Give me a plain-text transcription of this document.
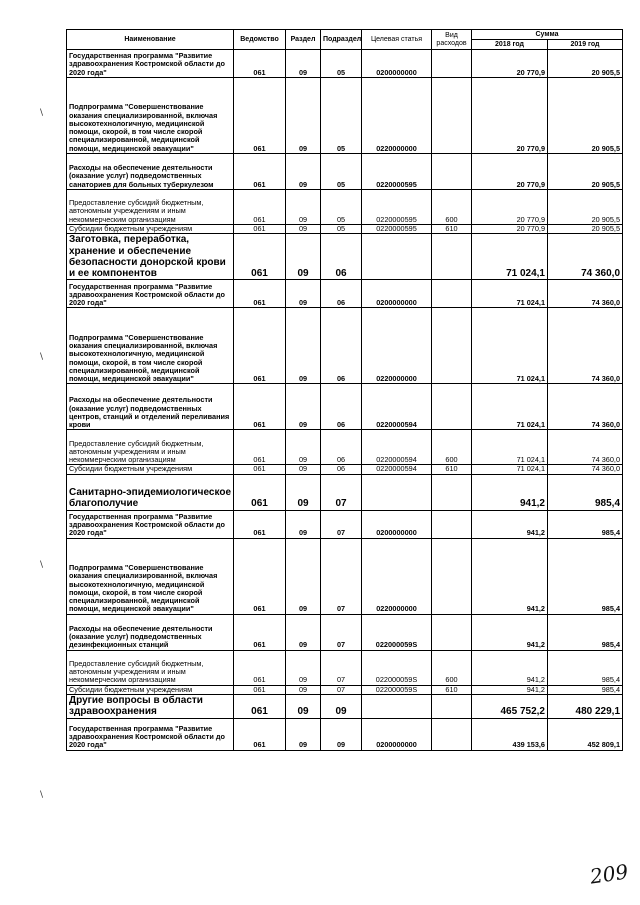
Наименование	Ведомство	Раздел	Подраздел	Целевая статья	Вид расходов	Сумма	
						2018 год	2019 год
Государственная программа "Развитие здравоохранения Костромской области до 2020 года"	061	09	05	0200000000		20 770,9	20 905,5
Подпрограмма "Совершенствование оказания специализированной, включая высокотехнологичную, медицинской помощи, скорой, в том числе скорой специализированной, медицинской помощи, медицинской эвакуации"	061	09	05	0220000000		20 770,9	20 905,5
Расходы на обеспечение деятельности (оказание услуг) подведомственных санаториев для больных туберкулезом	061	09	05	0220000595		20 770,9	20 905,5
Предоставление субсидий бюджетным, автономным учреждениям и иным некоммерческим организациям	061	09	05	0220000595	600	20 770,9	20 905,5
Субсидии бюджетным учреждениям	061	09	05	0220000595	610	20 770,9	20 905,5
Заготовка, переработка, хранение и обеспечение безопасности донорской крови и ее компонентов	061	09	06			71 024,1	74 360,0
Государственная программа "Развитие здравоохранения Костромской области до 2020 года"	061	09	06	0200000000		71 024,1	74 360,0
Подпрограмма "Совершенствование оказания специализированной, включая высокотехнологичную, медицинской помощи, скорой, в том числе скорой специализированной, медицинской помощи, медицинской эвакуации"	061	09	06	0220000000		71 024,1	74 360,0
Расходы на обеспечение деятельности (оказание услуг) подведомственных центров, станций и отделений переливания крови	061	09	06	0220000594		71 024,1	74 360,0
Предоставление субсидий бюджетным, автономным учреждениям и иным некоммерческим организациям	061	09	06	0220000594	600	71 024,1	74 360,0
Субсидии бюджетным учреждениям	061	09	06	0220000594	610	71 024,1	74 360,0
Санитарно-эпидемиологическое благополучие	061	09	07			941,2	985,4
Государственная программа "Развитие здравоохранения Костромской области до 2020 года"	061	09	07	0200000000		941,2	985,4
Подпрограмма "Совершенствование оказания специализированной, включая высокотехнологичную, медицинской помощи, скорой, в том числе скорой специализированной, медицинской помощи, медицинской эвакуации"	061	09	07	0220000000		941,2	985,4
Расходы на обеспечение деятельности (оказание услуг) подведомственных дезинфекционных станций	061	09	07	022000059S		941,2	985,4
Предоставление субсидий бюджетным, автономным учреждениям и иным некоммерческим организациям	061	09	07	022000059S	600	941,2	985,4
Субсидии бюджетным учреждениям	061	09	07	022000059S	610	941,2	985,4
Другие вопросы в области здравоохранения	061	09	09			465 752,2	480 229,1
Государственная программа "Развитие здравоохранения Костромской области до 2020 года"	061	09	09	0200000000		439 153,6	452 809,1
\
\
\
\
209
